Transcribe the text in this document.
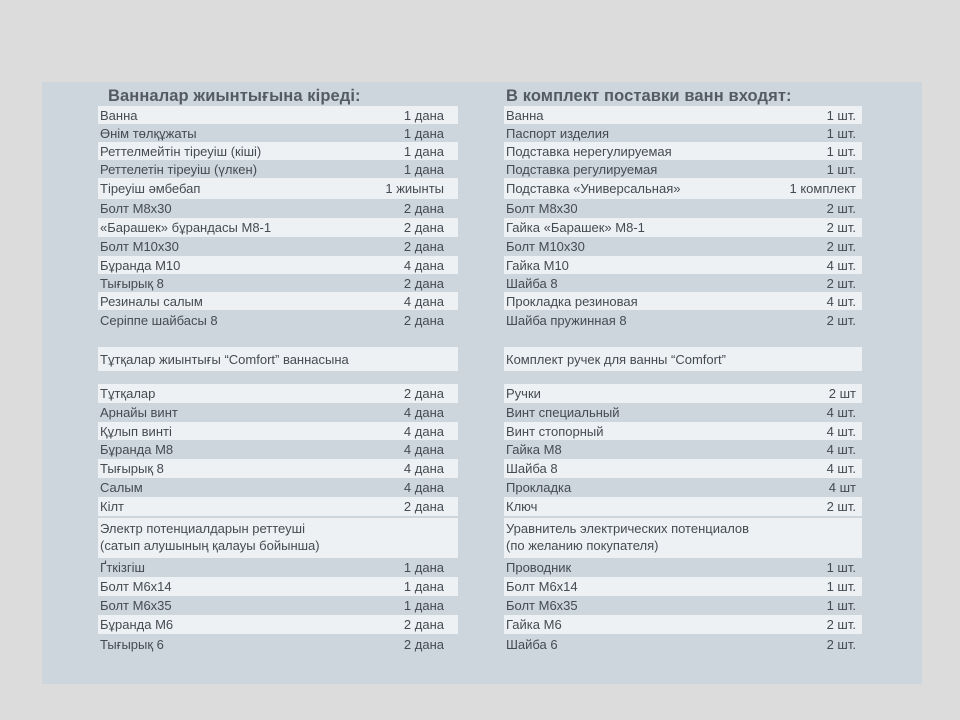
Ванналар жиынтығына кіреді:
Ванна	1 дана
Өнім төлқұжаты	1 дана
Реттелмейтін тіреуіш (кіші)	1 дана
Реттелетін тіреуіш (үлкен)	1 дана
Тіреуіш әмбебап	1 жиынты
Болт М8х30	2 дана
«Барашек» бұрандасы М8-1	2 дана
Болт М10х30	2 дана
Бұранда М10	4 дана
Тығырық 8	2 дана
Резиналы салым	4 дана
Серіппе шайбасы 8	2 дана
Тұтқалар жиынтығы “Comfort” ваннасына
Тұтқалар	2 дана
Арнайы винт	4 дана
Құлып винті	4 дана
Бұранда М8	4 дана
Тығырық 8	4 дана
Салым	4 дана
Кілт	2 дана
Электр потенциалдарын реттеуші
(сатып алушының қалауы бойынша)
Ґткізгіш	1 дана
Болт М6х14	1 дана
Болт М6х35	1 дана
Бұранда М6	2 дана
Тығырық 6	2 дана
В комплект поставки ванн входят:
Ванна	1 шт.
Паспорт изделия	1 шт.
Подставка нерегулируемая	1 шт.
Подставка регулируемая	1 шт.
Подставка «Универсальная»	1 комплект
Болт М8х30	2 шт.
Гайка «Барашек» М8-1	2 шт.
Болт М10х30	2 шт.
Гайка М10	4 шт.
Шайба 8	2 шт.
Прокладка резиновая	4 шт.
Шайба пружинная 8	2 шт.
Комплект ручек для ванны “Comfort”
Ручки	2 шт
Винт специальный	4 шт.
Винт стопорный	4 шт.
Гайка М8	4 шт.
Шайба 8	4 шт.
Прокладка	4 шт
Ключ	2 шт.
Уравнитель электрических потенциалов
(по желанию покупателя)
Проводник	1 шт.
Болт М6х14	1 шт.
Болт М6х35	1 шт.
Гайка М6	2 шт.
Шайба 6	2 шт.
